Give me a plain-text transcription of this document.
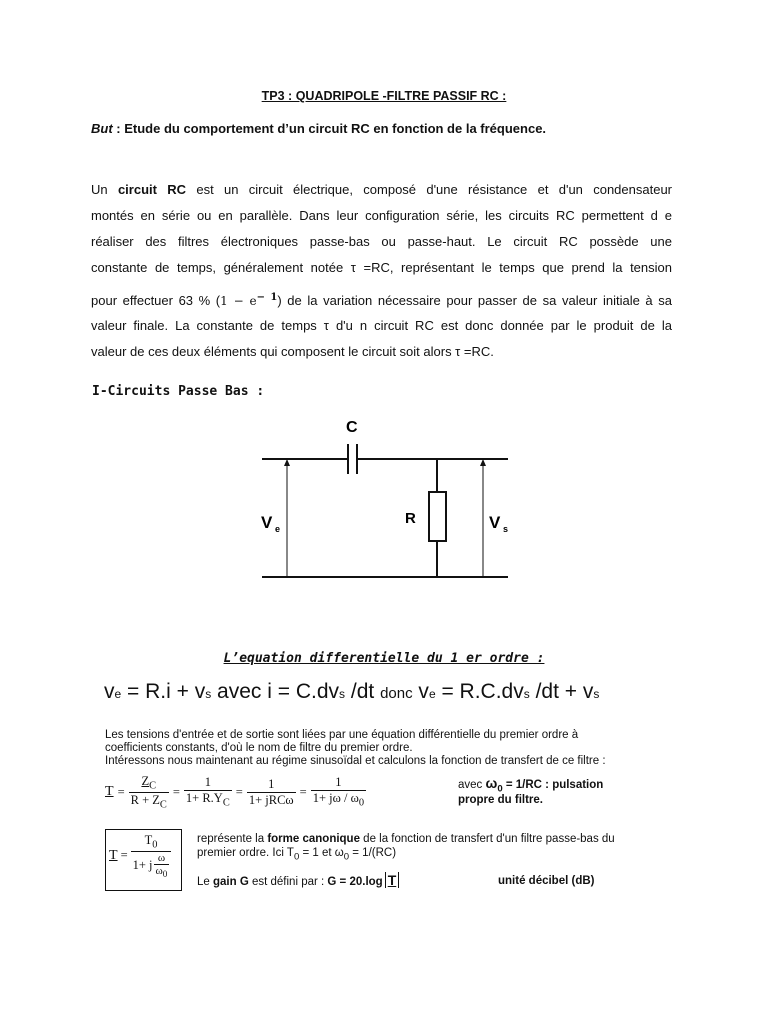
TP3 : QUADRIPOLE -FILTRE PASSIF RC :
But : Etude du comportement d’un circuit RC en fonction de la fréquence.
Un circuit RC est un circuit électrique, composé d'une résistance et d'un condensateur
montés en série ou en parallèle. Dans leur configuration série, les circuits RC permettent d e
réaliser des filtres électroniques passe-bas ou passe-haut. Le circuit RC possède une
constante de temps, généralement notée τ =RC, représentant le temps que prend la tension
pour effectuer 63 % $(1 - e^{- 1})$ de la variation nécessaire pour passer de sa valeur initiale à sa
valeur finale. La constante de temps τ d'u n circuit RC est donc donnée par le produit de la
valeur de ces deux éléments qui composent le circuit soit alors τ =RC.
I-Circuits Passe Bas :
C
R
V e	V s
L’equation differentielle du 1 er ordre :
ve = R.i + vs avec i = C.dvs /dt donc ve = R.C.dvs /dt + vs
Les tensions d'entrée et de sortie sont liées par une équation différentielle du premier ordre à
coefficients constants, d'où le nom de filtre du premier ordre.
Intéressons nous maintenant au régime sinusoïdal et calculons la fonction de transfert de ce filtre :
$T = \frac{Z_C}{R + Z_C} = \frac{1}{1+ R.Y_C} = \frac{1}{\text{1+ jRCω}} = \frac{1}{1+ j\omega / \omega_0}$	avec $\omega_0 = 1/RC$ : pulsation
propre du filtre.
$T = \frac{T_0}{1+ j \frac{\omega}{\omega_0}}$ représente la forme canonique de la fonction de transfert d'un filtre passe-bas du
premier ordre. Ici $T_0 = 1$ et $\omega_0 = 1/(RC)$
Le gain G est défini par : G = 20.log T	unité décibel (dB)
